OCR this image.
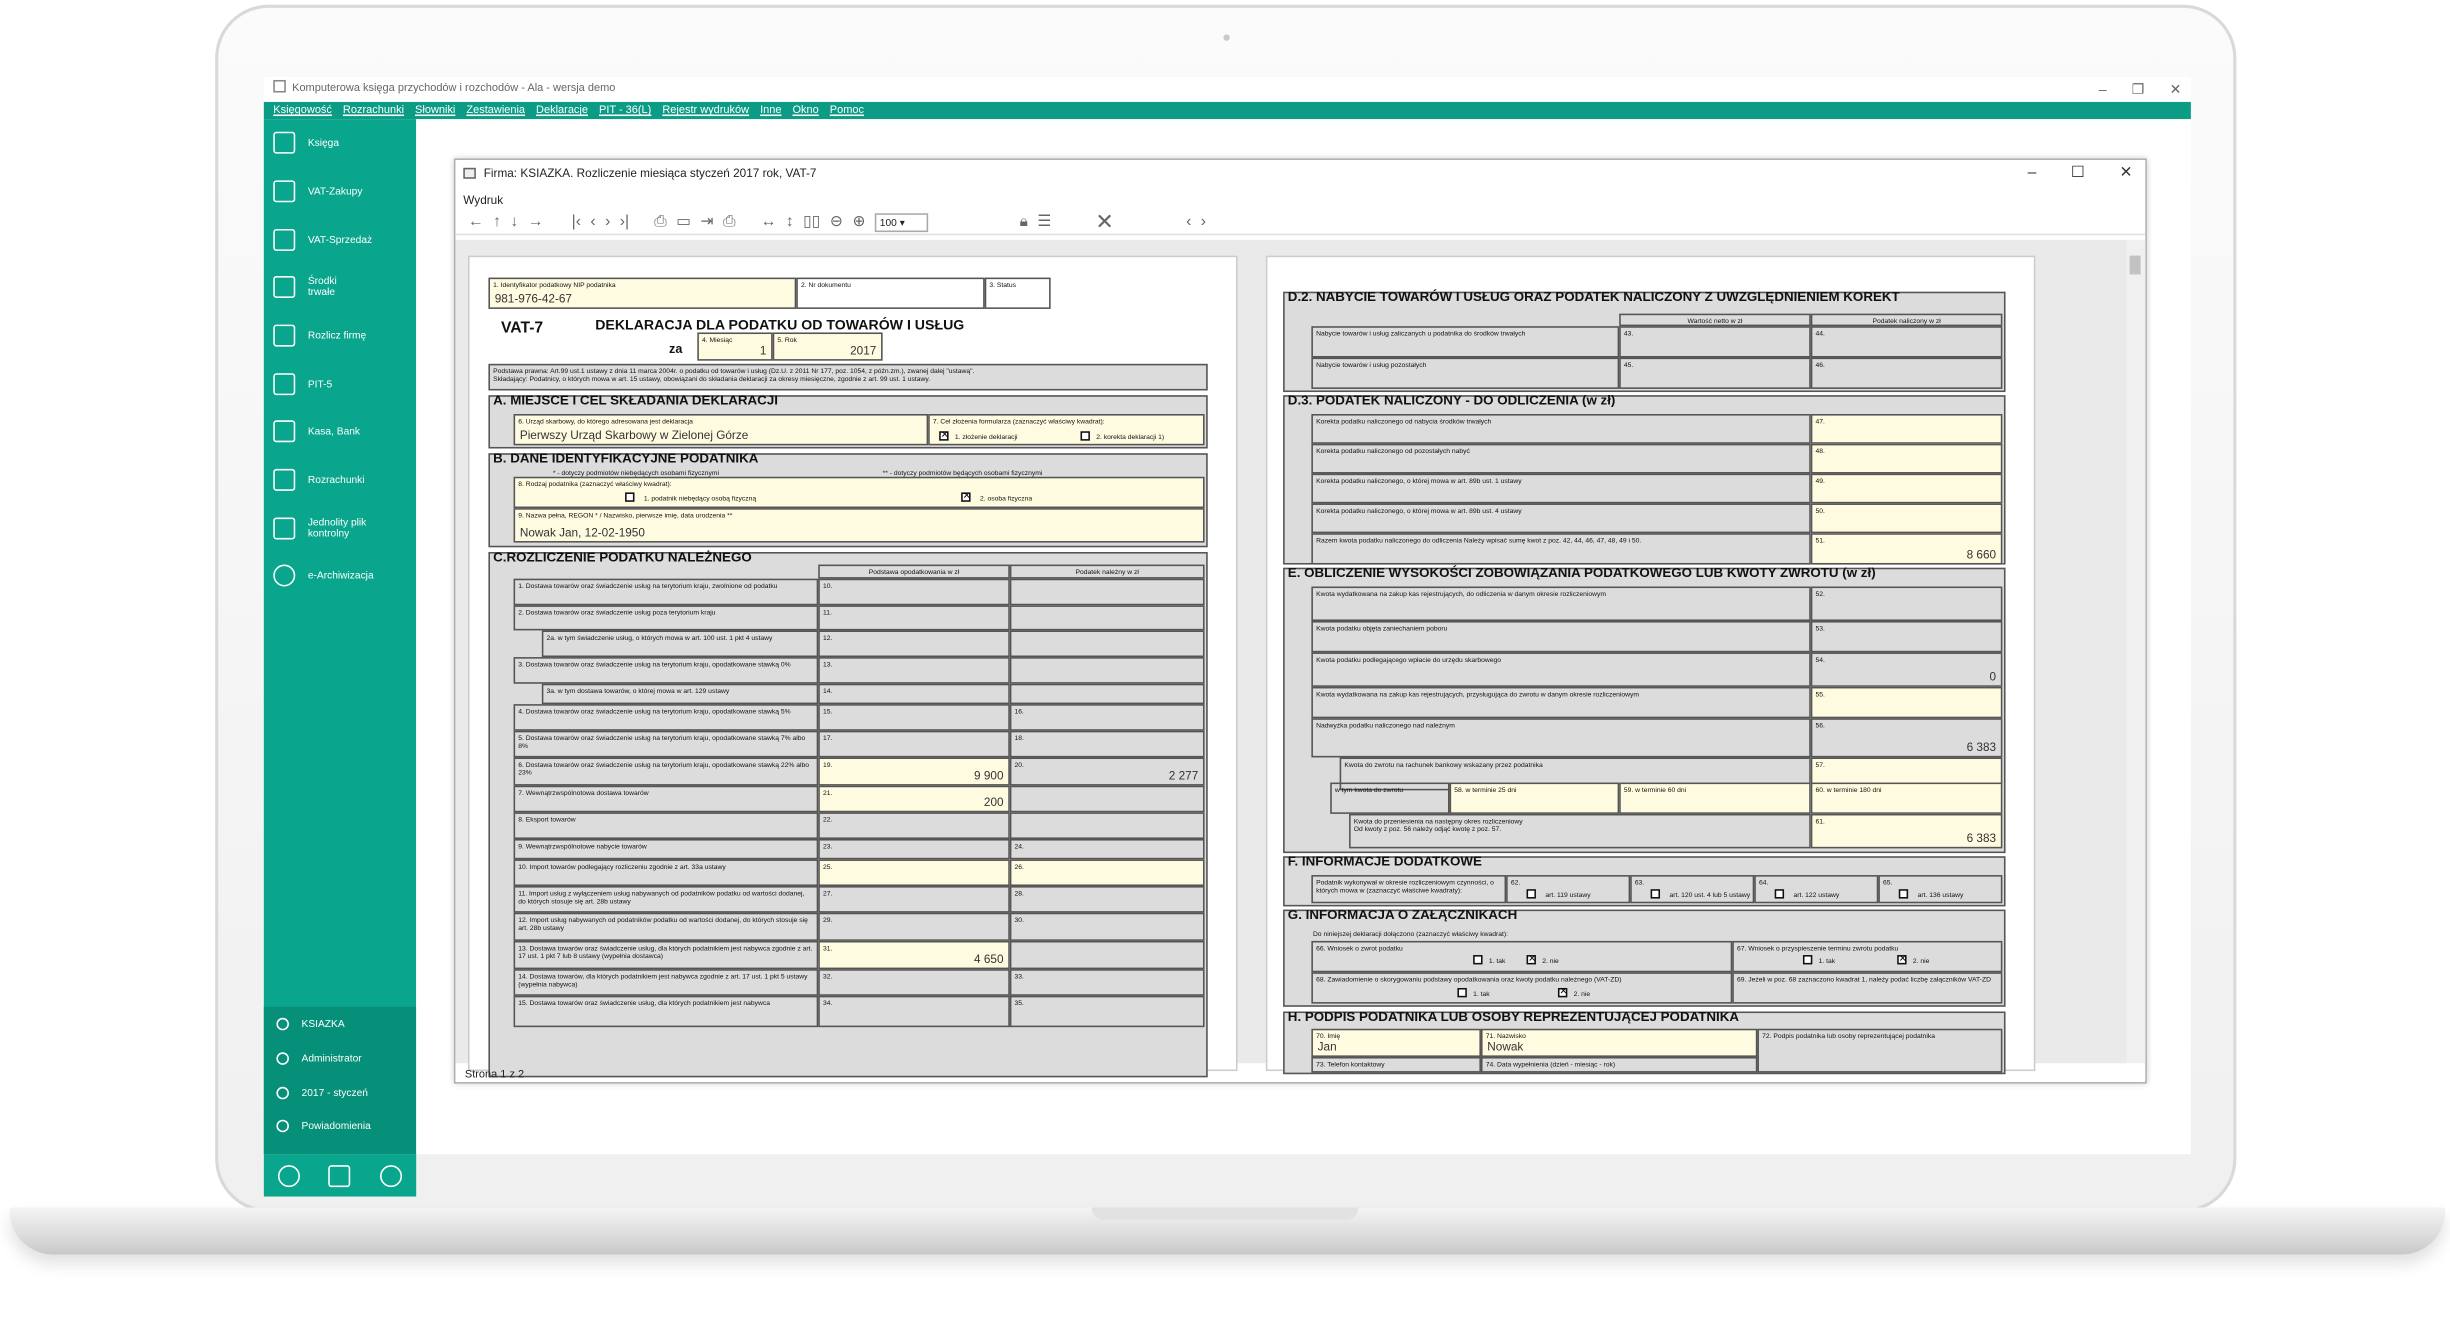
Komputerowa księga przychodów i rozchodów - Ala - wersja demo	–	❐	✕
Księgowość Rozrachunki Słowniki Zestawienia Deklaracje PIT - 36(L) Rejestr wydruków Inne Okno Pomoc
Księga
VAT-Zakupy
VAT-Sprzedaż
Środki trwałe
Rozlicz firmę
PIT-5
Kasa, Bank
Rozrachunki
Jednolity plik kontrolny
e-Archiwizacja
KSIAZKA
Administrator
2017 - styczeń
Powiadomienia
Firma: KSIAZKA. Rozliczenie miesiąca styczeń 2017 rok, VAT-7	–	☐	✕
Wydruk
← ↑ ↓ →	|‹ ‹ › ›|	⎙ ▭ ⇥ ⎙	↔ ↕ ▯▯ ⊖ ⊕	100 ▾	🔒︎ ☰	✕	‹ ›
1. Identyfikator podatkowy NIP podatnika
981-976-42-67
2. Nr dokumentu	3. Status
VAT-7	DEKLARACJA DLA PODATKU OD TOWARÓW I USŁUG
za
4. Miesiąc
1
5. Rok
2017
Podstawa prawna: Art.99 ust.1 ustawy z dnia 11 marca 2004r. o podatku od towarów i usług (Dz.U. z 2011 Nr 177, poz. 1054, z późn.zm.), zwanej dalej "ustawą".
Składający: Podatnicy, o których mowa w art. 15 ustawy, obowiązani do składania deklaracji za okresy miesięczne, zgodnie z art. 99 ust. 1 ustawy.
A. MIEJSCE I CEL SKŁADANIA DEKLARACJI
6. Urząd skarbowy, do którego adresowana jest deklaracja
Pierwszy Urząd Skarbowy w Zielonej Górze
7. Cel złożenia formularza (zaznaczyć właściwy kwadrat):
✕ 1. złożenie deklaracji	2. korekta deklaracji 1)
B. DANE IDENTYFIKACYJNE PODATNIKA
* - dotyczy podmiotów niebędących osobami fizycznymi	** - dotyczy podmiotów będących osobami fizycznymi
8. Rodzaj podatnika (zaznaczyć właściwy kwadrat):
1. podatnik niebędący osobą fizyczną	✕ 2. osoba fizyczna
9. Nazwa pełna, REGON * / Nazwisko, pierwsze imię, data urodzenia **
Nowak Jan, 12-02-1950
C.ROZLICZENIE PODATKU NALEŻNEGO
Podstawa opodatkowania w zł	Podatek należny w zł
1. Dostawa towarów oraz świadczenie usług na terytorium kraju, zwolnione od podatku	10.
2. Dostawa towarów oraz świadczenie usług poza terytorium kraju	11.
2a. w tym świadczenie usług, o których mowa w art. 100 ust. 1 pkt 4 ustawy	12.
3. Dostawa towarów oraz świadczenie usług na terytorium kraju, opodatkowane stawką 0%	13.
3a. w tym dostawa towarów, o której mowa w art. 129 ustawy	14.
4. Dostawa towarów oraz świadczenie usług na terytorium kraju, opodatkowane stawką 5%	15.	16.
5. Dostawa towarów oraz świadczenie usług na terytorium kraju, opodatkowane stawką 7% albo 8%
17.	18.
6. Dostawa towarów oraz świadczenie usług na terytorium kraju, opodatkowane stawką 22% albo 23%
19.
9 900
20.
2 277
7. Wewnątrzwspólnotowa dostawa towarów	21.
200
8. Eksport towarów	22.
9. Wewnątrzwspólnotowe nabycie towarów	23.	24.
10. Import towarów podlegający rozliczeniu zgodnie z art. 33a ustawy	25.	26.
11. Import usług z wyłączeniem usług nabywanych od podatników podatku od wartości dodanej, do których stosuje się art. 28b ustawy
27.	28.
12. Import usług nabywanych od podatników podatku od wartości dodanej, do których stosuje się art. 28b ustawy
29.	30.
13. Dostawa towarów oraz świadczenie usług, dla których podatnikiem jest nabywca zgodnie z art. 17 ust. 1 pkt 7 lub 8 ustawy (wypełnia dostawca)
31.
4 650
14. Dostawa towarów, dla których podatnikiem jest nabywca zgodnie z art. 17 ust. 1 pkt 5 ustawy (wypełnia nabywca)
32.	33.
15. Dostawa towarów oraz świadczenie usług, dla których podatnikiem jest nabywca	34.	35.
D.2. NABYCIE TOWARÓW I USŁUG ORAZ PODATEK NALICZONY Z UWZGLĘDNIENIEM KOREKT
Wartość netto w zł	Podatek naliczony w zł
Nabycie towarów i usług zaliczanych u podatnika do środków trwałych	43.	44.
Nabycie towarów i usług pozostałych	45.	46.
D.3. PODATEK NALICZONY - DO ODLICZENIA (w zł)
Korekta podatku naliczonego od nabycia środków trwałych	47.
Korekta podatku naliczonego od pozostałych nabyć	48.
Korekta podatku naliczonego, o której mowa w art. 89b ust. 1 ustawy	49.
Korekta podatku naliczonego, o której mowa w art. 89b ust. 4 ustawy	50.
Razem kwota podatku naliczonego do odliczenia Należy wpisać sumę kwot z poz. 42, 44, 46, 47, 48, 49 i 50.	51.
8 660
E. OBLICZENIE WYSOKOŚCI ZOBOWIĄZANIA PODATKOWEGO LUB KWOTY ZWROTU (w zł)
Kwota wydatkowana na zakup kas rejestrujących, do odliczenia w danym okresie rozliczeniowym	52.
Kwota podatku objęta zaniechaniem poboru	53.
Kwota podatku podlegającego wpłacie do urzędu skarbowego	54.
0
Kwota wydatkowana na zakup kas rejestrujących, przysługująca do zwrotu w danym okresie rozliczeniowym	55.
Nadwyżka podatku naliczonego nad należnym	56.
6 383
Kwota do zwrotu na rachunek bankowy wskazany przez podatnika	57.
w tym kwota do zwrotu	58. w terminie 25 dni	59. w terminie 60 dni	60. w terminie 180 dni
Kwota do przeniesienia na następny okres rozliczeniowy
Od kwoty z poz. 56 należy odjąć kwotę z poz. 57.
61.
6 383
F. INFORMACJE DODATKOWE
Podatnik wykonywał w okresie rozliczeniowym czynności, o których mowa w (zaznaczyć właściwe kwadraty):
62.
art. 119 ustawy
63.
art. 120 ust. 4 lub 5 ustawy
64.
art. 122 ustawy
65.
art. 136 ustawy
G. INFORMACJA O ZAŁĄCZNIKACH
Do niniejszej deklaracji dołączono (zaznaczyć właściwy kwadrat):
66. Wniosek o zwrot podatku
1. tak	✕ 2. nie
67. Wniosek o przyspieszenie terminu zwrotu podatku
1. tak	✕ 2. nie
68. Zawiadomienie o skorygowaniu podstawy opodatkowania oraz kwoty podatku należnego (VAT-ZD)
1. tak	✕ 2. nie
69. Jeżeli w poz. 68 zaznaczono kwadrat 1, należy podać liczbę załączników VAT-ZD
H. PODPIS PODATNIKA LUB OSOBY REPREZENTUJĄCEJ PODATNIKA
70. Imię
Jan
71. Nazwisko
Nowak
72. Podpis podatnika lub osoby reprezentującej podatnika
73. Telefon kontaktowy	74. Data wypełnienia (dzień - miesiąc - rok)
Strona 1 z 2
